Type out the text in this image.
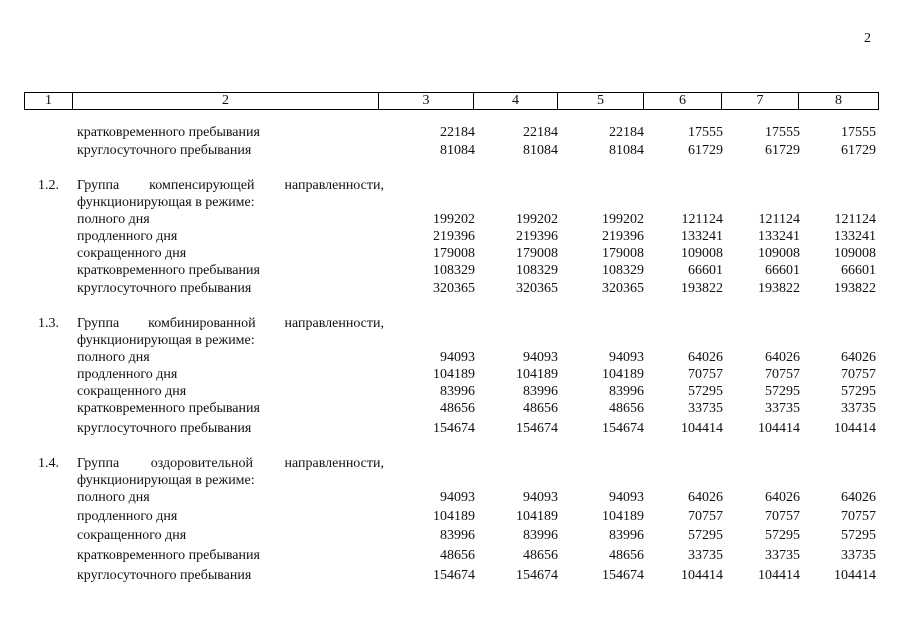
2
1	2	3	4	5	6	7	8
кратковременного пребывания	22184	22184	22184	17555	17555	17555
круглосуточного пребывания	81084	81084	81084	61729	61729	61729
1.2. Группа компенсирующей направленности,
функционирующая в режиме:
полного дня	199202	199202	199202	121124	121124	121124
продленного дня	219396	219396	219396	133241	133241	133241
сокращенного дня	179008	179008	179008	109008	109008	109008
кратковременного пребывания	108329	108329	108329	66601	66601	66601
круглосуточного пребывания	320365	320365	320365	193822	193822	193822
1.3. Группа комбинированной направленности,
функционирующая в режиме:
полного дня	94093	94093	94093	64026	64026	64026
продленного дня	104189	104189	104189	70757	70757	70757
сокращенного дня	83996	83996	83996	57295	57295	57295
кратковременного пребывания	48656	48656	48656	33735	33735	33735
круглосуточного пребывания	154674	154674	154674	104414	104414	104414
1.4. Группа оздоровительной направленности,
функционирующая в режиме:
полного дня	94093	94093	94093	64026	64026	64026
продленного дня	104189	104189	104189	70757	70757	70757
сокращенного дня	83996	83996	83996	57295	57295	57295
кратковременного пребывания	48656	48656	48656	33735	33735	33735
круглосуточного пребывания	154674	154674	154674	104414	104414	104414
